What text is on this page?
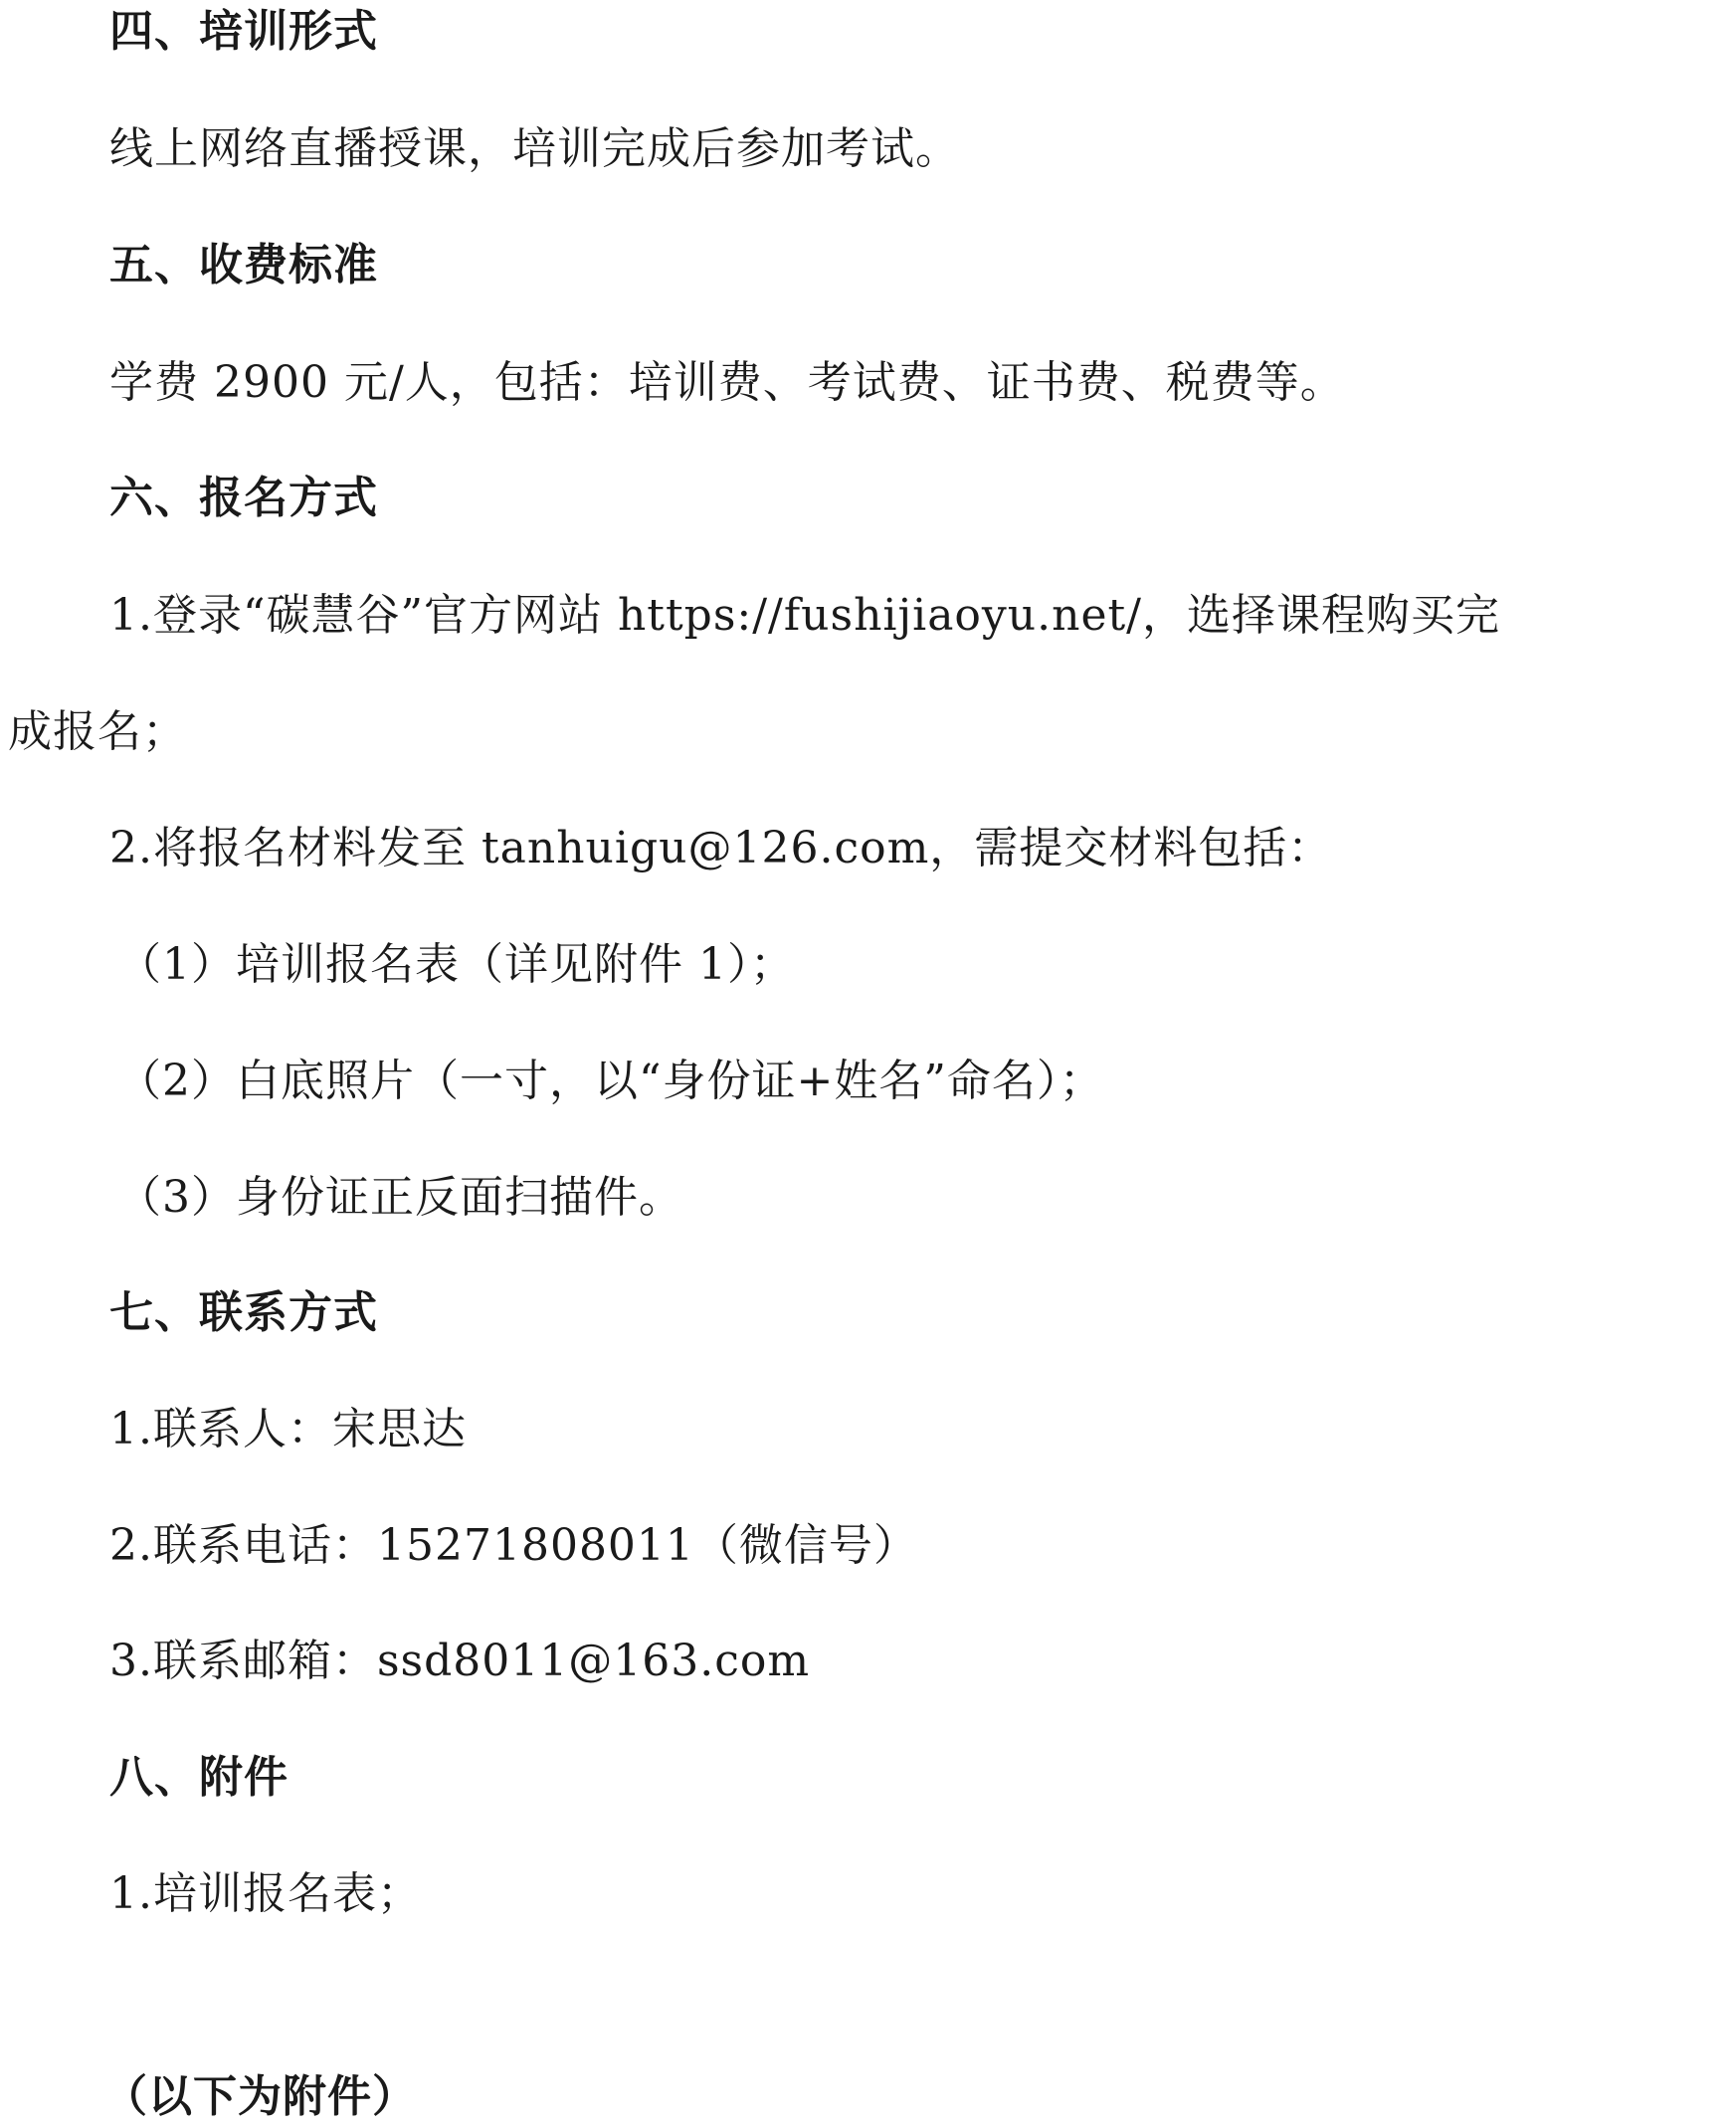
四、培训形式
线上网络直播授课，培训完成后参加考试。
五、收费标准
学费 2900 元/人，包括：培训费、考试费、证书费、税费等。
六、报名方式
1.登录“碳慧谷”官方网站 https://fushijiaoyu.net/，选择课程购买完
成报名；
2.将报名材料发至 tanhuigu@126.com，需提交材料包括：
（1）培训报名表（详见附件 1）；
（2）白底照片（一寸，以“身份证+姓名”命名）；
（3）身份证正反面扫描件。
七、联系方式
1.联系人：宋思达
2.联系电话：15271808011（微信号）
3.联系邮箱：ssd8011@163.com
八、附件
1.培训报名表；
（以下为附件）
